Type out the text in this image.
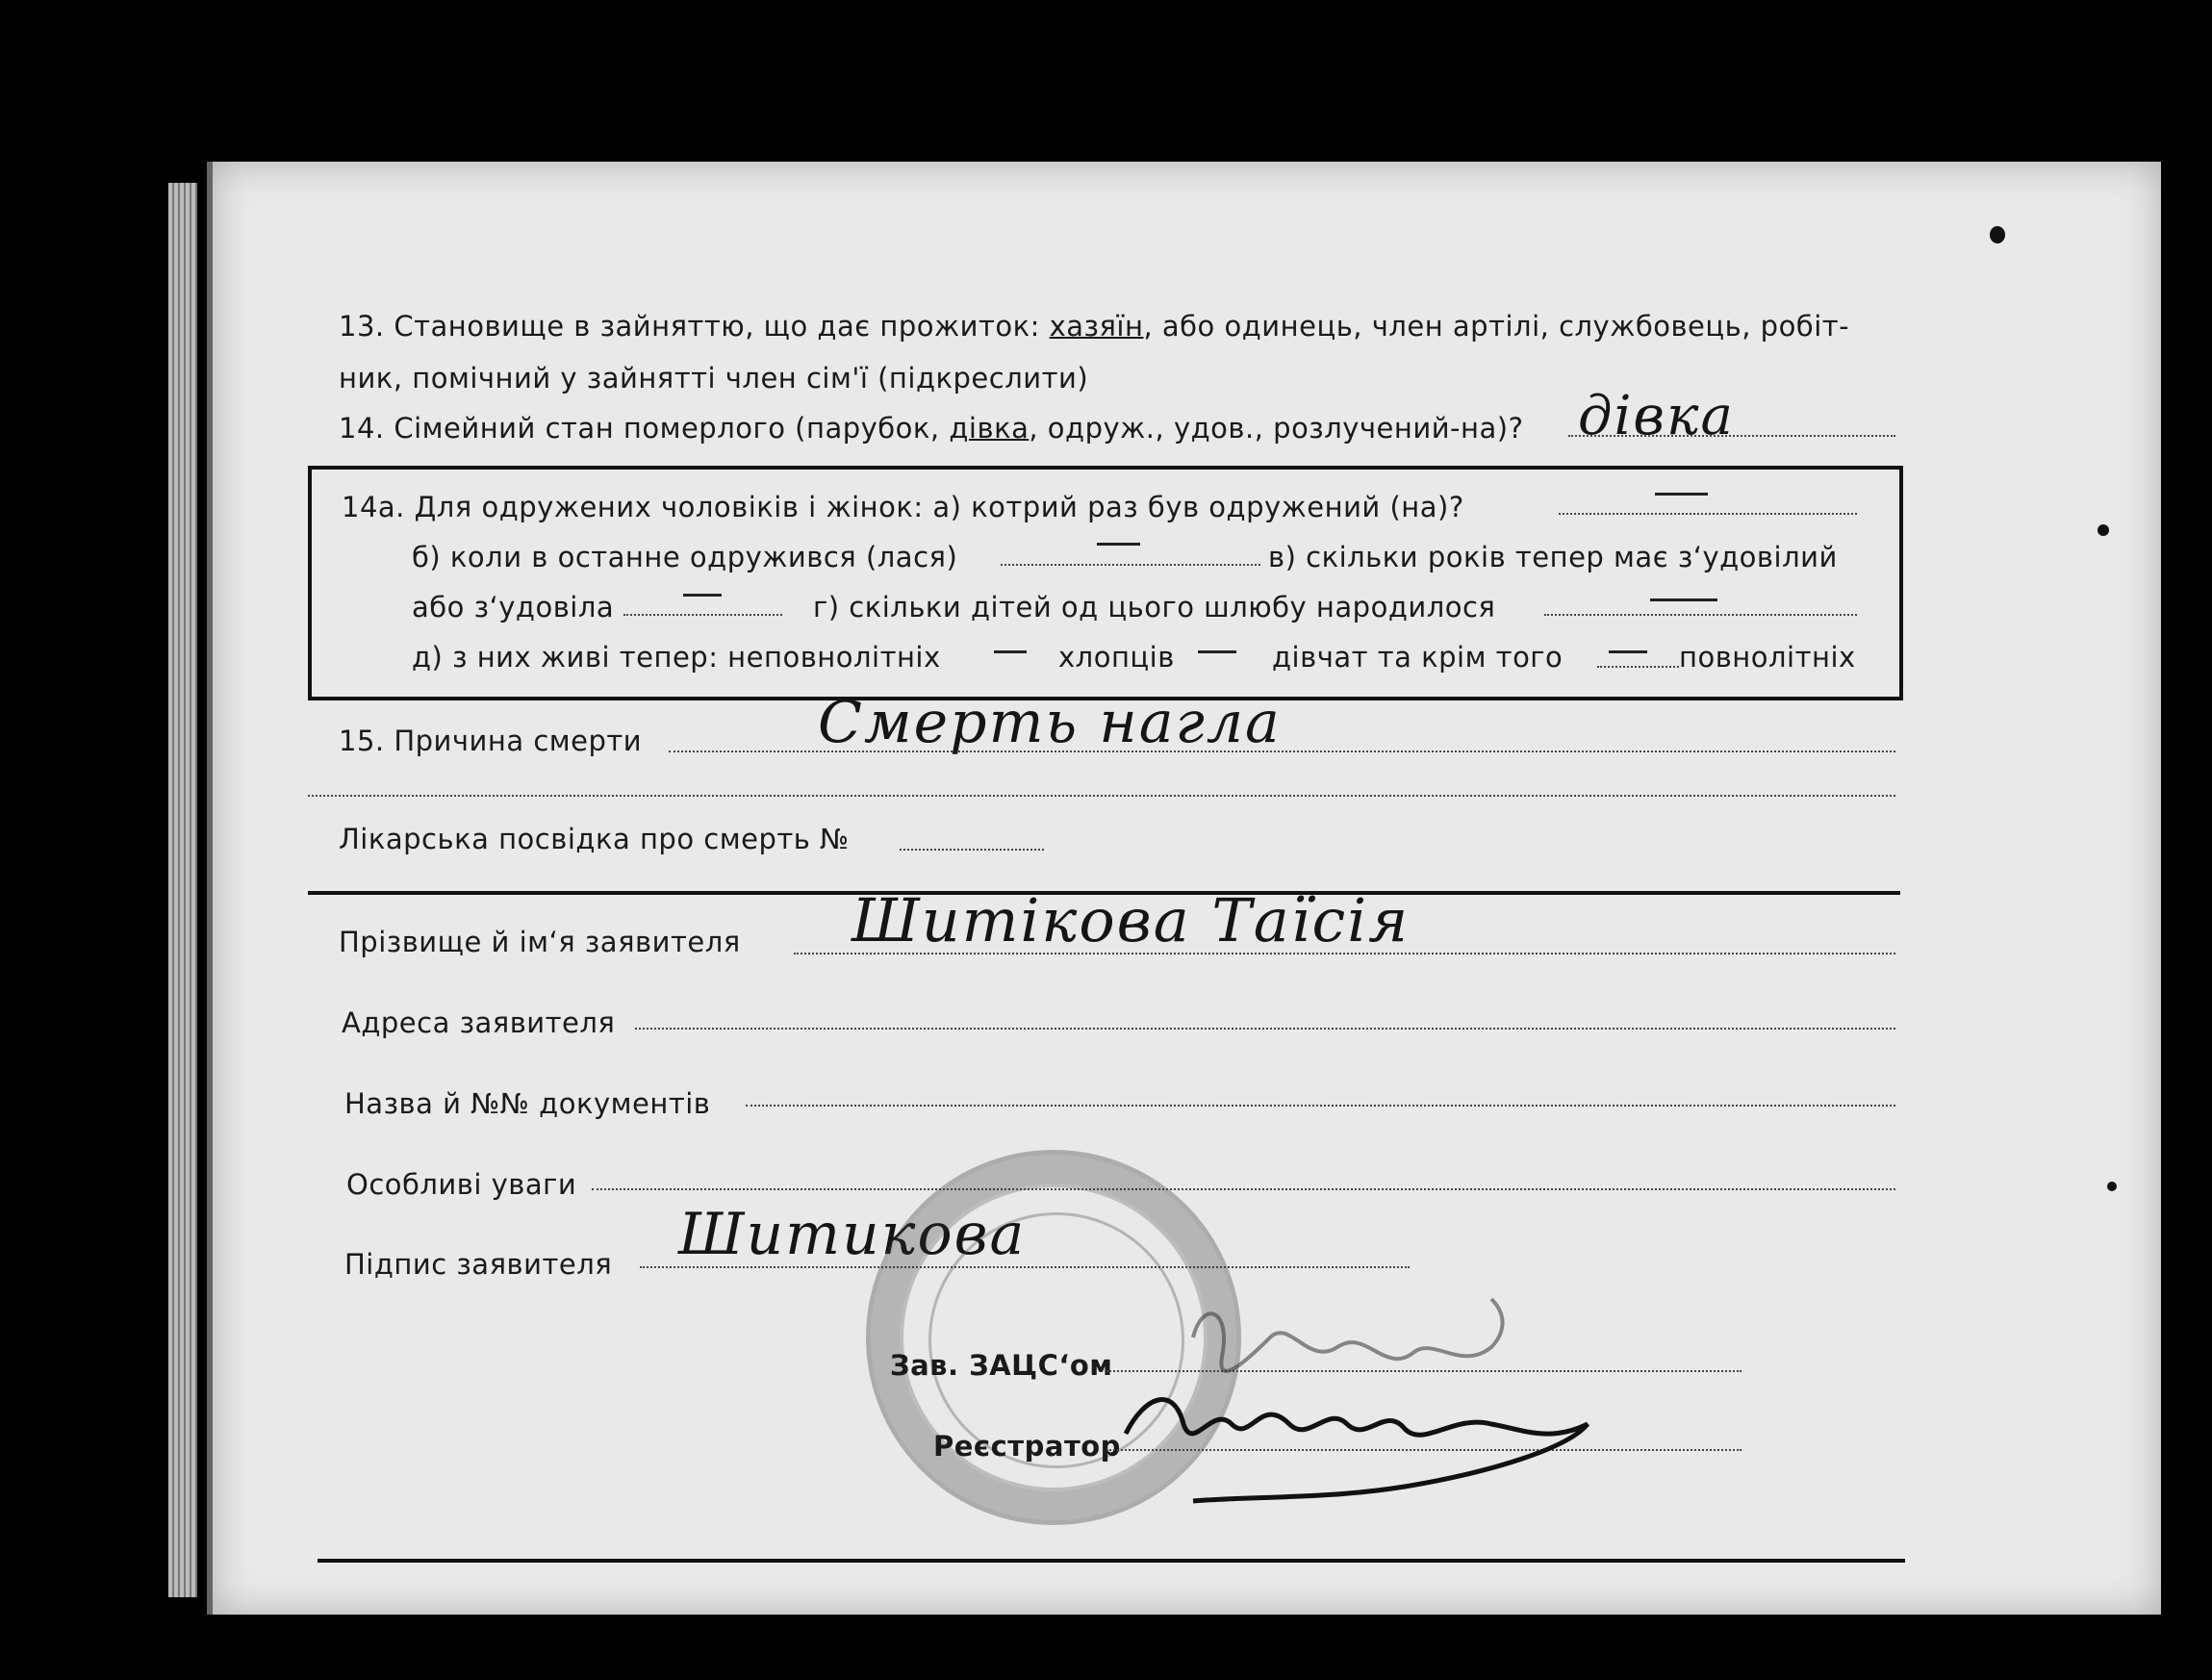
13. Становище в зайняттю, що дає прожиток: хазяїн, або одинець, член артілі, службовець, робіт-
ник, помічний у зайнятті член сім'ї (підкреслити)
14. Сімейний стан померлого (парубок, дівка, одруж., удов., розлучений-на)? дівка
14а. Для одружених чоловіків і жінок: а) котрий раз був одружений (на)?
б) коли в останне одружився (лася)	в) скільки років тепер має з‘удовілий
або з‘удовіла	г) скільки дітей од цього шлюбу народилося
д) з них живі тепер: неповнолітніх	хлопців	дівчат та крім того	повнолітніх
15. Причина смерти	Смерть нагла
Лікарська посвідка про смерть №
Прізвище й ім‘я заявителя Шитікова Таїсія
Адреса заявителя
Назва й №№ документів
Особливі уваги
Підпис заявителя Шитикова
Зав. ЗАЦС‘ом
Реєстратор
